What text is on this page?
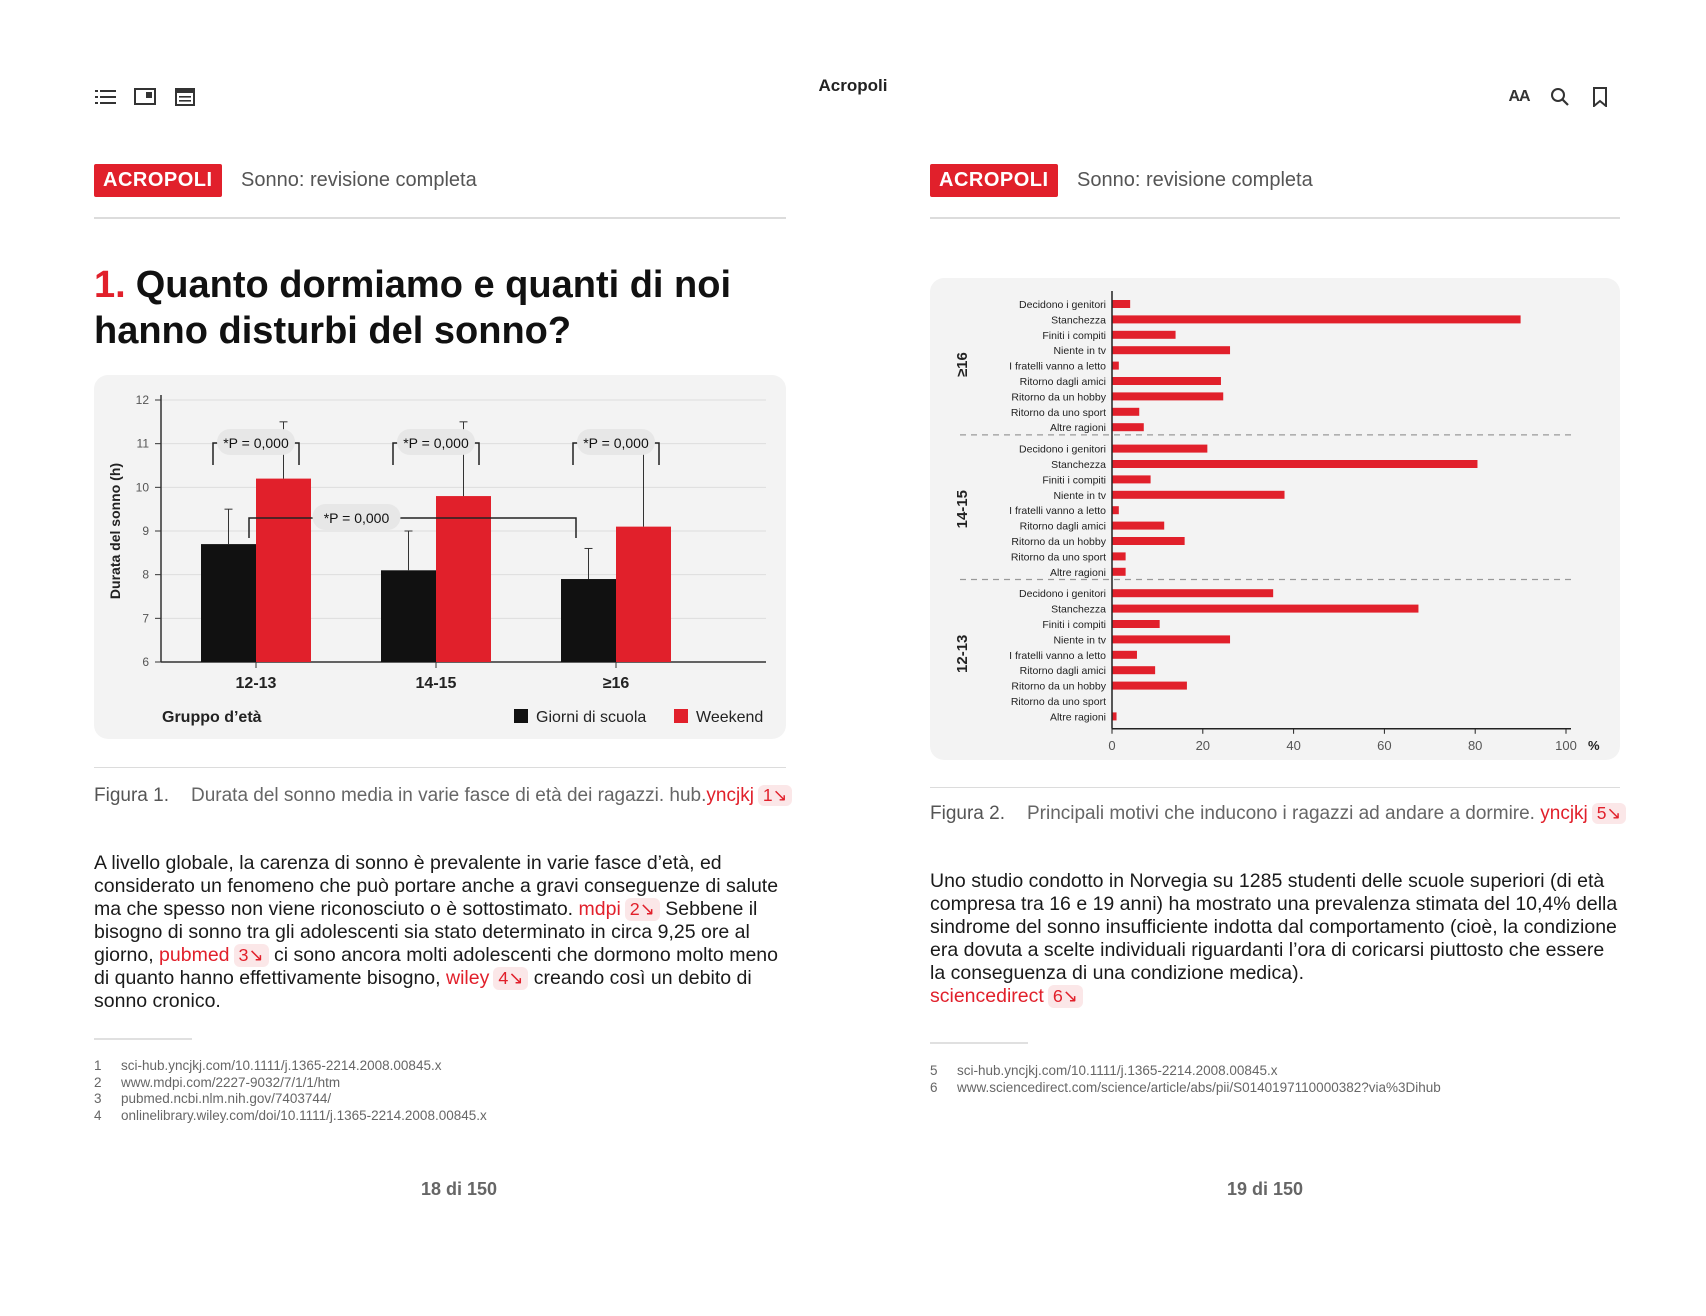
Acropoli
AA
ACROPOLI	Sonno: revisione completa
1. Quanto dormiamo e quanti di noi hanno disturbi del sonno?
6
7
8
9
10
11
12
Durata del sonno (h)
12-13
*P = 0,000
14-15
*P = 0,000
≥16
*P = 0,000
*P = 0,000
Gruppo d’età	Giorni di scuola	Weekend
Figura 1. Durata del sonno media in varie fasce di età dei ragazzi. hub.yncjkj 1↘
A livello globale, la carenza di sonno è prevalente in varie fasce d’età, ed considerato un fenomeno che può portare anche a gravi conseguenze di salute ma che spesso non viene riconosciuto o è sottostimato. mdpi 2↘ Sebbene il bisogno di sonno tra gli adolescenti sia stato determinato in circa 9,25 ore al giorno, pubmed 3↘ ci sono ancora molti adolescenti che dormono molto meno di quanto hanno effettivamente bisogno, wiley 4↘ creando così un debito di sonno cronico.
1	sci-hub.yncjkj.com/10.1111/j.1365-2214.2008.00845.x
2	www.mdpi.com/2227-9032/7/1/1/htm
3	pubmed.ncbi.nlm.nih.gov/7403744/
4	onlinelibrary.wiley.com/doi/10.1111/j.1365-2214.2008.00845.x
18 di 150
ACROPOLI	Sonno: revisione completa
Decidono i genitori
Stanchezza
Finiti i compiti
Niente in tv
I fratelli vanno a letto
Ritorno dagli amici
Ritorno da un hobby
Ritorno da uno sport
Altre ragioni
≥16
Decidono i genitori
Stanchezza
Finiti i compiti
Niente in tv
I fratelli vanno a letto
Ritorno dagli amici
Ritorno da un hobby
Ritorno da uno sport
Altre ragioni
14-15
Decidono i genitori
Stanchezza
Finiti i compiti
Niente in tv
I fratelli vanno a letto
Ritorno dagli amici
Ritorno da un hobby
Ritorno da uno sport
Altre ragioni
12-13
0	20	40	60	80	100 %
Figura 2. Principali motivi che inducono i ragazzi ad andare a dormire. yncjkj 5↘
Uno studio condotto in Norvegia su 1285 studenti delle scuole superiori (di età compresa tra 16 e 19 anni) ha mostrato una prevalenza stimata del 10,4% della sindrome del sonno insufficiente indotta dal comportamento (cioè, la condizione era dovuta a scelte individuali riguardanti l’ora di coricarsi piuttosto che essere la conseguenza di una condizione medica).
sciencedirect 6↘
5	sci-hub.yncjkj.com/10.1111/j.1365-2214.2008.00845.x
6	www.sciencedirect.com/science/article/abs/pii/S0140197110000382?via%3Dihub
19 di 150
